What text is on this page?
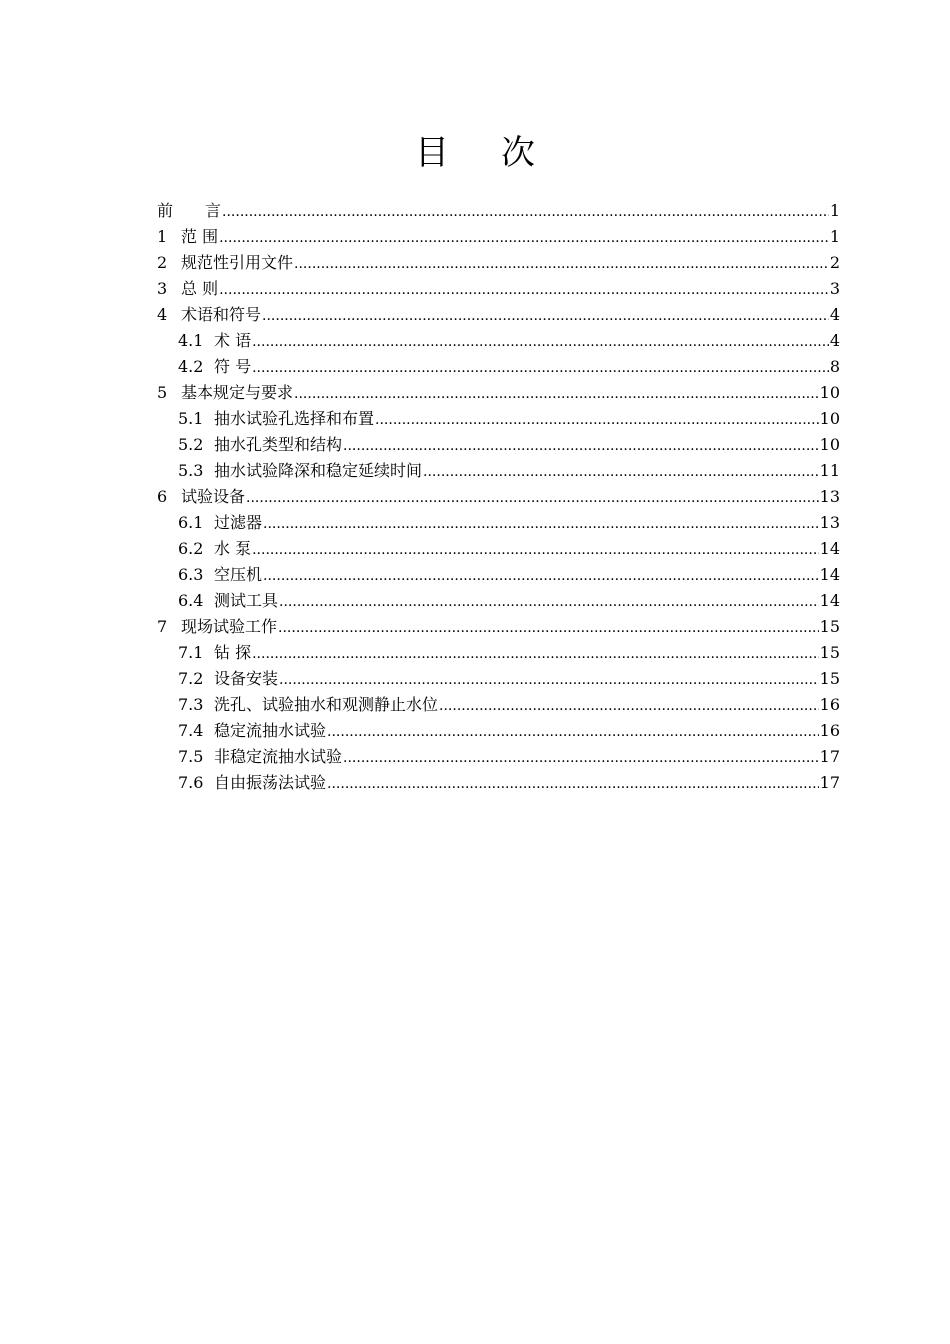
目 次
前　　言 .....	1
1 范 围 .....	1
2 规范性引用文件 .....	2
3 总 则 .....	3
4 术语和符号 .....	4
4.1 术 语 .....	4
4.2 符 号 .....	8
5 基本规定与要求 .....	10
5.1 抽水试验孔选择和布置 .....	10
5.2 抽水孔类型和结构 .....	10
5.3 抽水试验降深和稳定延续时间 .....	11
6 试验设备 .....	13
6.1 过滤器 .....	13
6.2 水 泵 .....	14
6.3 空压机 .....	14
6.4 测试工具 .....	14
7 现场试验工作 .....	15
7.1 钻 探 .....	15
7.2 设备安装 .....	15
7.3 洗孔、试验抽水和观测静止水位 .....	16
7.4 稳定流抽水试验 .....	16
7.5 非稳定流抽水试验 .....	17
7.6 自由振荡法试验 .....	17
